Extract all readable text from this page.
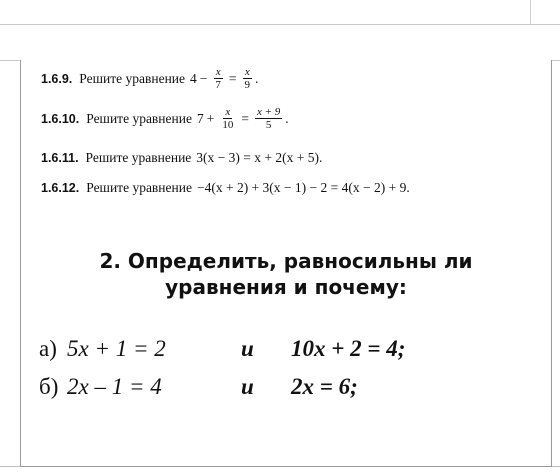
1.6.9. Решите уравнение $4 - \frac{x}{7} = \frac{x}{9}$ .
1.6.10. Решите уравнение $7 + \frac{x}{10} = \frac{x + 9}{5}$ .
1.6.11. Решите уравнение 3(x − 3) = x + 2(x + 5).
1.6.12. Решите уравнение −4(x + 2) + 3(x − 1) − 2 = 4(x − 2) + 9.
2. Определить, равносильны ли
уравнения и почему:
а) 5x + 1 = 2	и 10x + 2 = 4;
б) 2x – 1 = 4	и 2x = 6;
